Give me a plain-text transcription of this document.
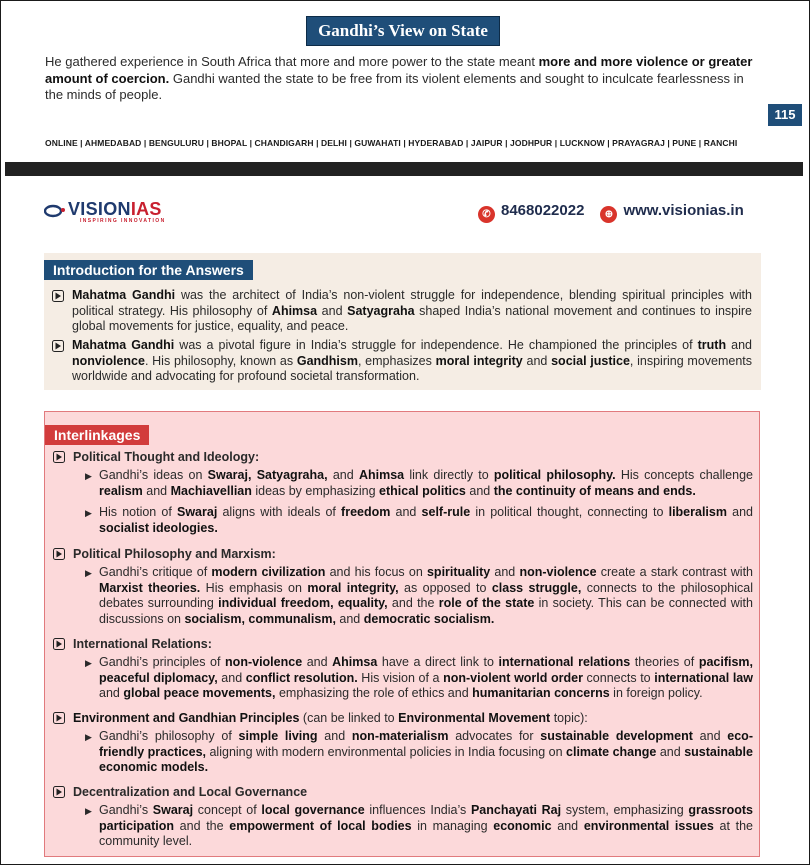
Gandhi’s View on State
He gathered experience in South Africa that more and more power to the state meant more and more violence or greater amount of coercion. Gandhi wanted the state to be free from its violent elements and sought to inculcate fearlessness in the minds of people.
115
ONLINE | AHMEDABAD | BENGULURU | BHOPAL | CHANDIGARH | DELHI | GUWAHATI | HYDERABAD | JAIPUR | JODHPUR | LUCKNOW | PRAYAGRAJ | PUNE | RANCHI
VISIONIAS
INSPIRING INNOVATION
✆ 8468022022 ⊕ www.visionias.in
Introduction for the Answers
Mahatma Gandhi was the architect of India’s non-violent struggle for independence, blending spiritual principles with political strategy. His philosophy of Ahimsa and Satyagraha shaped India’s national movement and continues to inspire global movements for justice, equality, and peace.
Mahatma Gandhi was a pivotal figure in India’s struggle for independence. He championed the principles of truth and nonviolence. His philosophy, known as Gandhism, emphasizes moral integrity and social justice, inspiring movements worldwide and advocating for profound societal transformation.
Interlinkages
Political Thought and Ideology:
▶ Gandhi’s ideas on Swaraj, Satyagraha, and Ahimsa link directly to political philosophy. His concepts challenge realism and Machiavellian ideas by emphasizing ethical politics and the continuity of means and ends.
▶ His notion of Swaraj aligns with ideals of freedom and self-rule in political thought, connecting to liberalism and socialist ideologies.
Political Philosophy and Marxism:
▶ Gandhi’s critique of modern civilization and his focus on spirituality and non-violence create a stark contrast with Marxist theories. His emphasis on moral integrity, as opposed to class struggle, connects to the philosophical debates surrounding individual freedom, equality, and the role of the state in society. This can be connected with discussions on socialism, communalism, and democratic socialism.
International Relations:
▶ Gandhi’s principles of non-violence and Ahimsa have a direct link to international relations theories of pacifism, peaceful diplomacy, and conflict resolution. His vision of a non-violent world order connects to international law and global peace movements, emphasizing the role of ethics and humanitarian concerns in foreign policy.
Environment and Gandhian Principles (can be linked to Environmental Movement topic):
▶ Gandhi’s philosophy of simple living and non-materialism advocates for sustainable development and eco-friendly practices, aligning with modern environmental policies in India focusing on climate change and sustainable economic models.
Decentralization and Local Governance
▶ Gandhi’s Swaraj concept of local governance influences India’s Panchayati Raj system, emphasizing grassroots participation and the empowerment of local bodies in managing economic and environmental issues at the community level.
